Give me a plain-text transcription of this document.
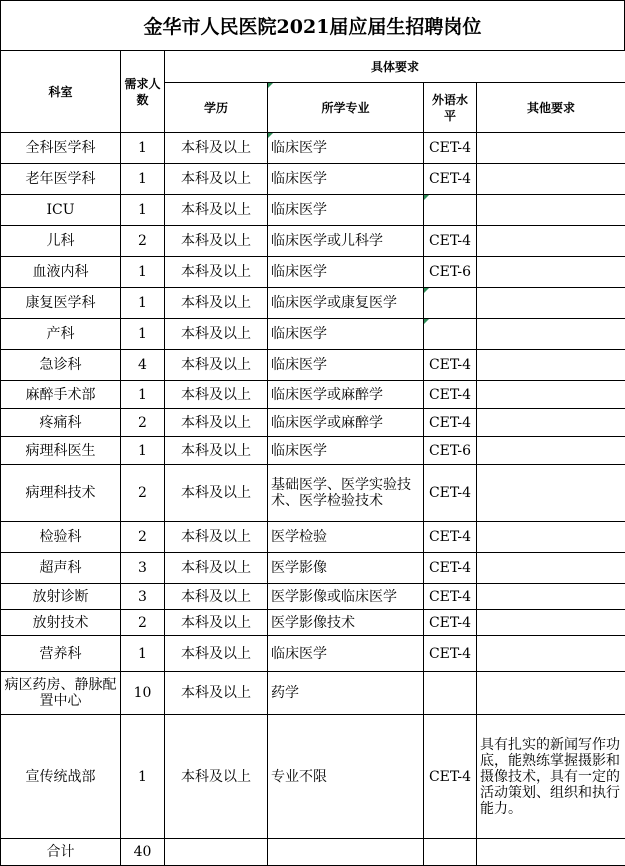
金华市人民医院2021届应届生招聘岗位
科室	需求人数	具体要求			
		学历	所学专业	外语水平	其他要求
全科医学科	1	本科及以上	临床医学	CET-4	
老年医学科	1	本科及以上	临床医学	CET-4	
ICU	1	本科及以上	临床医学		
儿科	2	本科及以上	临床医学或儿科学	CET-4	
血液内科	1	本科及以上	临床医学	CET-6	
康复医学科	1	本科及以上	临床医学或康复医学		
产科	1	本科及以上	临床医学		
急诊科	4	本科及以上	临床医学	CET-4	
麻醉手术部	1	本科及以上	临床医学或麻醉学	CET-4	
疼痛科	2	本科及以上	临床医学或麻醉学	CET-4	
病理科医生	1	本科及以上	临床医学	CET-6	
病理科技术	2	本科及以上	基础医学、医学实验技术、医学检验技术	CET-4	
检验科	2	本科及以上	医学检验	CET-4	
超声科	3	本科及以上	医学影像	CET-4	
放射诊断	3	本科及以上	医学影像或临床医学	CET-4	
放射技术	2	本科及以上	医学影像技术	CET-4	
营养科	1	本科及以上	临床医学	CET-4	
病区药房、静脉配置中心	10	本科及以上	药学		
宣传统战部	1	本科及以上	专业不限	CET-4	具有扎实的新闻写作功底，能熟练掌握摄影和摄像技术，具有一定的活动策划、组织和执行能力。
合计	40				
